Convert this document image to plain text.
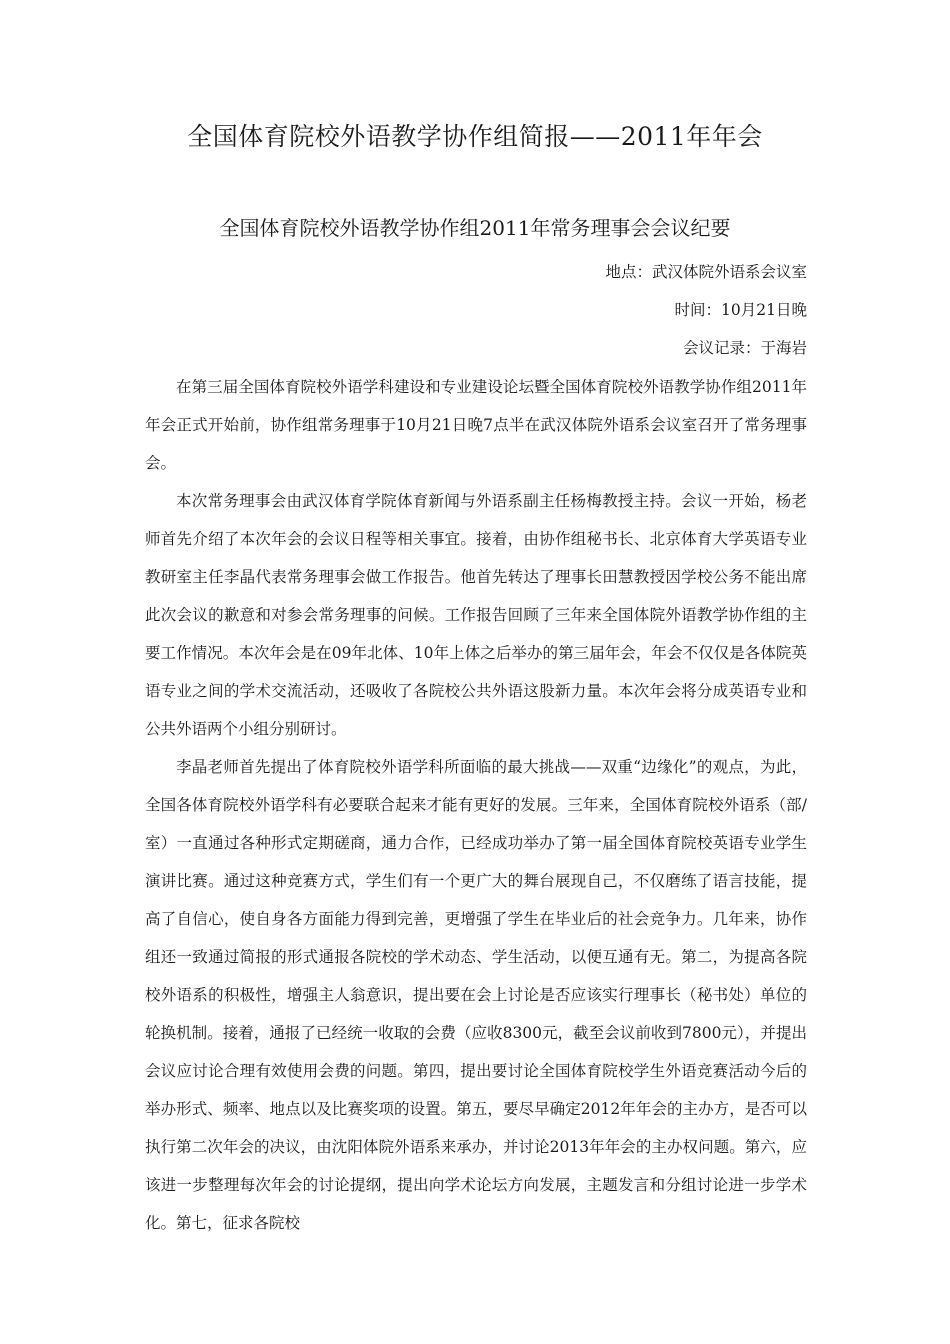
全国体育院校外语教学协作组简报——2011年年会
全国体育院校外语教学协作组2011年常务理事会会议纪要
地点：武汉体院外语系会议室
时间：10月21日晚
会议记录：于海岩

在第三届全国体育院校外语学科建设和专业建设论坛暨全国体育院校外语教学协作组2011年年会正式开始前，协作组常务理事于10月21日晚7点半在武汉体院外语系会议室召开了常务理事会。

本次常务理事会由武汉体育学院体育新闻与外语系副主任杨梅教授主持。会议一开始，杨老师首先介绍了本次年会的会议日程等相关事宜。接着，由协作组秘书长、北京体育大学英语专业教研室主任李晶代表常务理事会做工作报告。他首先转达了理事长田慧教授因学校公务不能出席此次会议的歉意和对参会常务理事的问候。工作报告回顾了三年来全国体院外语教学协作组的主要工作情况。本次年会是在09年北体、10年上体之后举办的第三届年会，年会不仅仅是各体院英语专业之间的学术交流活动，还吸收了各院校公共外语这股新力量。本次年会将分成英语专业和公共外语两个小组分别研讨。

李晶老师首先提出了体育院校外语学科所面临的最大挑战——双重“边缘化”的观点，为此，全国各体育院校外语学科有必要联合起来才能有更好的发展。三年来，全国体育院校外语系（部/室）一直通过各种形式定期磋商，通力合作，已经成功举办了第一届全国体育院校英语专业学生演讲比赛。通过这种竞赛方式，学生们有一个更广大的舞台展现自己，不仅磨练了语言技能，提高了自信心，使自身各方面能力得到完善，更增强了学生在毕业后的社会竞争力。几年来，协作组还一致通过简报的形式通报各院校的学术动态、学生活动，以便互通有无。第二，为提高各院校外语系的积极性，增强主人翁意识，提出要在会上讨论是否应该实行理事长（秘书处）单位的轮换机制。接着，通报了已经统一收取的会费（应收8300元，截至会议前收到7800元），并提出会议应讨论合理有效使用会费的问题。第四，提出要讨论全国体育院校学生外语竞赛活动今后的举办形式、频率、地点以及比赛奖项的设置。第五，要尽早确定2012年年会的主办方，是否可以执行第二次年会的决议，由沈阳体院外语系来承办，并讨论2013年年会的主办权问题。第六，应该进一步整理每次年会的讨论提纲，提出向学术论坛方向发展，主题发言和分组讨论进一步学术化。第七，征求各院校
